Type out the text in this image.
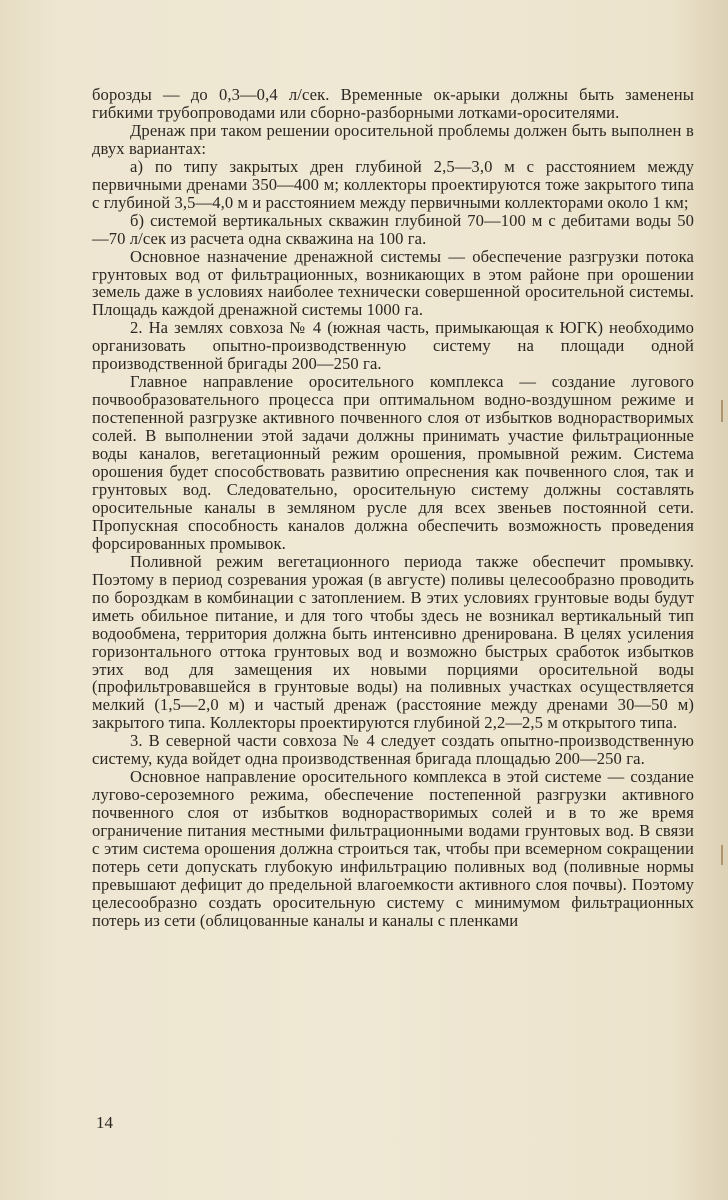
борозды — до 0,3—0,4 л/сек. Временные ок-арыки должны быть заменены гибкими трубопроводами или сборно-разборными лотками-оросителями.

Дренаж при таком решении оросительной проблемы должен быть выполнен в двух вариантах:

а) по типу закрытых дрен глубиной 2,5—3,0 м с расстоянием между первичными дренами 350—400 м; коллекторы проектируются тоже закрытого типа с глубиной 3,5—4,0 м и расстоянием между первичными коллекторами около 1 км;

б) системой вертикальных скважин глубиной 70—100 м с дебитами воды 50—70 л/сек из расчета одна скважина на 100 га.

Основное назначение дренажной системы — обеспечение разгрузки потока грунтовых вод от фильтрационных, возникающих в этом районе при орошении земель даже в условиях наиболее технически совершенной оросительной системы. Площадь каждой дренажной системы 1000 га.

2. На землях совхоза № 4 (южная часть, примыкающая к ЮГК) необходимо организовать опытно-производственную систему на площади одной производственной бригады 200—250 га.

Главное направление оросительного комплекса — создание лугового почвообразовательного процесса при оптимальном водно-воздушном режиме и постепенной разгрузке активного почвенного слоя от избытков воднорастворимых солей. В выполнении этой задачи должны принимать участие фильтрационные воды каналов, вегетационный режим орошения, промывной режим. Система орошения будет способствовать развитию опреснения как почвенного слоя, так и грунтовых вод. Следовательно, оросительную систему должны составлять оросительные каналы в земляном русле для всех звеньев постоянной сети. Пропускная способность каналов должна обеспечить возможность проведения форсированных промывок.

Поливной режим вегетационного периода также обеспечит промывку. Поэтому в период созревания урожая (в августе) поливы целесообразно проводить по бороздкам в комбинации с затоплением. В этих условиях грунтовые воды будут иметь обильное питание, и для того чтобы здесь не возникал вертикальный тип водообмена, территория должна быть интенсивно дренирована. В целях усиления горизонтального оттока грунтовых вод и возможно быстрых сработок избытков этих вод для замещения их новыми порциями оросительной воды (профильтровавшейся в грунтовые воды) на поливных участках осуществляется мелкий (1,5—2,0 м) и частый дренаж (расстояние между дренами 30—50 м) закрытого типа. Коллекторы проектируются глубиной 2,2—2,5 м открытого типа.

3. В северной части совхоза № 4 следует создать опытно-производственную систему, куда войдет одна производственная бригада площадью 200—250 га.

Основное направление оросительного комплекса в этой системе — создание лугово-сероземного режима, обеспечение постепенной разгрузки активного почвенного слоя от избытков воднорастворимых солей и в то же время ограничение питания местными фильтрационными водами грунтовых вод. В связи с этим система орошения должна строиться так, чтобы при всемерном сокращении потерь сети допускать глубокую инфильтрацию поливных вод (поливные нормы превышают дефицит до предельной влагоемкости активного слоя почвы). Поэтому целесообразно создать оросительную систему с минимумом фильтрационных потерь из сети (облицованные каналы и каналы с пленками

14
